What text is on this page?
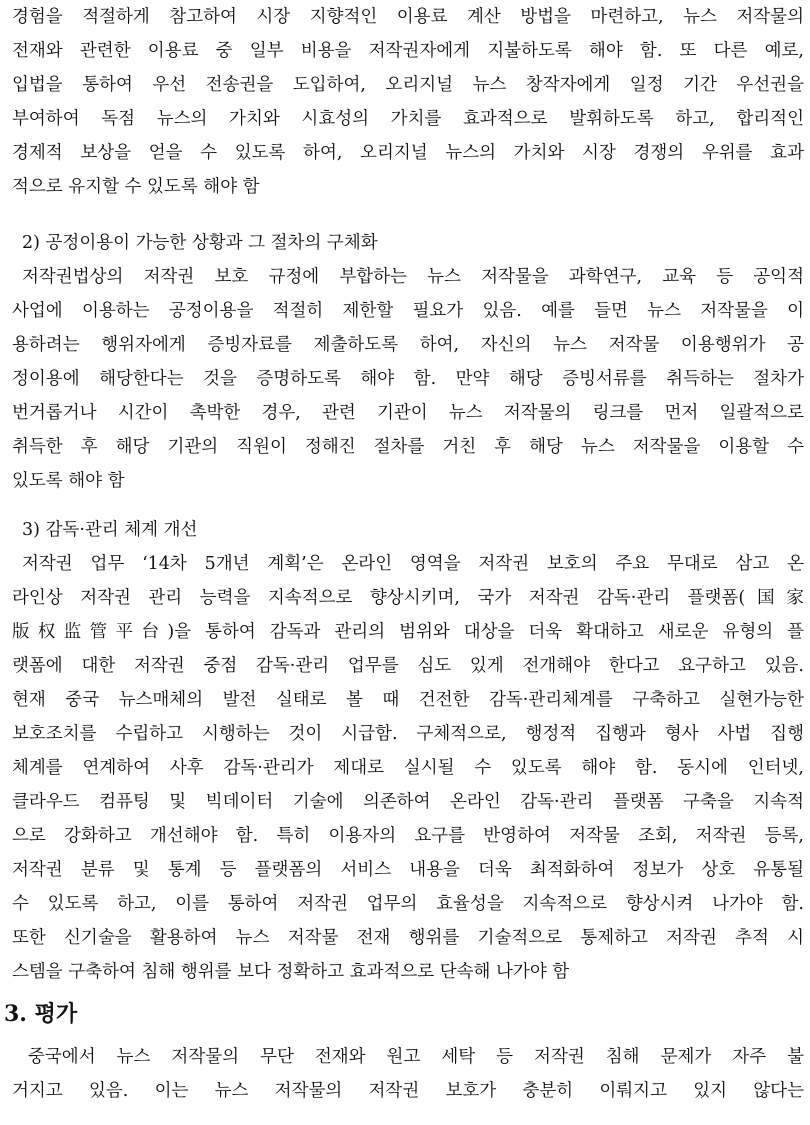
경험을 적절하게 참고하여 시장 지향적인 이용료 계산 방법을 마련하고, 뉴스 저작물의
전재와 관련한 이용료 중 일부 비용을 저작권자에게 지불하도록 해야 함. 또 다른 예로,
입법을 통하여 우선 전송권을 도입하여, 오리지널 뉴스 창작자에게 일정 기간 우선권을
부여하여 독점 뉴스의 가치와 시효성의 가치를 효과적으로 발휘하도록 하고, 합리적인
경제적 보상을 얻을 수 있도록 하여, 오리지널 뉴스의 가치와 시장 경쟁의 우위를 효과
적으로 유지할 수 있도록 해야 함
2) 공정이용이 가능한 상황과 그 절차의 구체화
저작권법상의 저작권 보호 규정에 부합하는 뉴스 저작물을 과학연구, 교육 등 공익적
사업에 이용하는 공정이용을 적절히 제한할 필요가 있음. 예를 들면 뉴스 저작물을 이
용하려는 행위자에게 증빙자료를 제출하도록 하여, 자신의 뉴스 저작물 이용행위가 공
정이용에 해당한다는 것을 증명하도록 해야 함. 만약 해당 증빙서류를 취득하는 절차가
번거롭거나 시간이 촉박한 경우, 관련 기관이 뉴스 저작물의 링크를 먼저 일괄적으로
취득한 후 해당 기관의 직원이 정해진 절차를 거친 후 해당 뉴스 저작물을 이용할 수
있도록 해야 함
3) 감독·관리 체계 개선
저작권 업무 ‘14차 5개년 계획’은 온라인 영역을 저작권 보호의 주요 무대로 삼고 온
라인상 저작권 관리 능력을 지속적으로 향상시키며, 국가 저작권 감독·관리 플랫폼(国家
版权监管平台)을 통하여 감독과 관리의 범위와 대상을 더욱 확대하고 새로운 유형의 플
랫폼에 대한 저작권 중점 감독·관리 업무를 심도 있게 전개해야 한다고 요구하고 있음.
현재 중국 뉴스매체의 발전 실태로 볼 때 건전한 감독·관리체계를 구축하고 실현가능한
보호조치를 수립하고 시행하는 것이 시급함. 구체적으로, 행정적 집행과 형사 사법 집행
체계를 연계하여 사후 감독·관리가 제대로 실시될 수 있도록 해야 함. 동시에 인터넷,
클라우드 컴퓨팅 및 빅데이터 기술에 의존하여 온라인 감독·관리 플랫폼 구축을 지속적
으로 강화하고 개선해야 함. 특히 이용자의 요구를 반영하여 저작물 조회, 저작권 등록,
저작권 분류 및 통계 등 플랫폼의 서비스 내용을 더욱 최적화하여 정보가 상호 유통될
수 있도록 하고, 이를 통하여 저작권 업무의 효율성을 지속적으로 향상시켜 나가야 함.
또한 신기술을 활용하여 뉴스 저작물 전재 행위를 기술적으로 통제하고 저작권 추적 시
스템을 구축하여 침해 행위를 보다 정확하고 효과적으로 단속해 나가야 함
3. 평가
중국에서 뉴스 저작물의 무단 전재와 원고 세탁 등 저작권 침해 문제가 자주 불
거지고 있음. 이는 뉴스 저작물의 저작권 보호가 충분히 이뤄지고 있지 않다는
